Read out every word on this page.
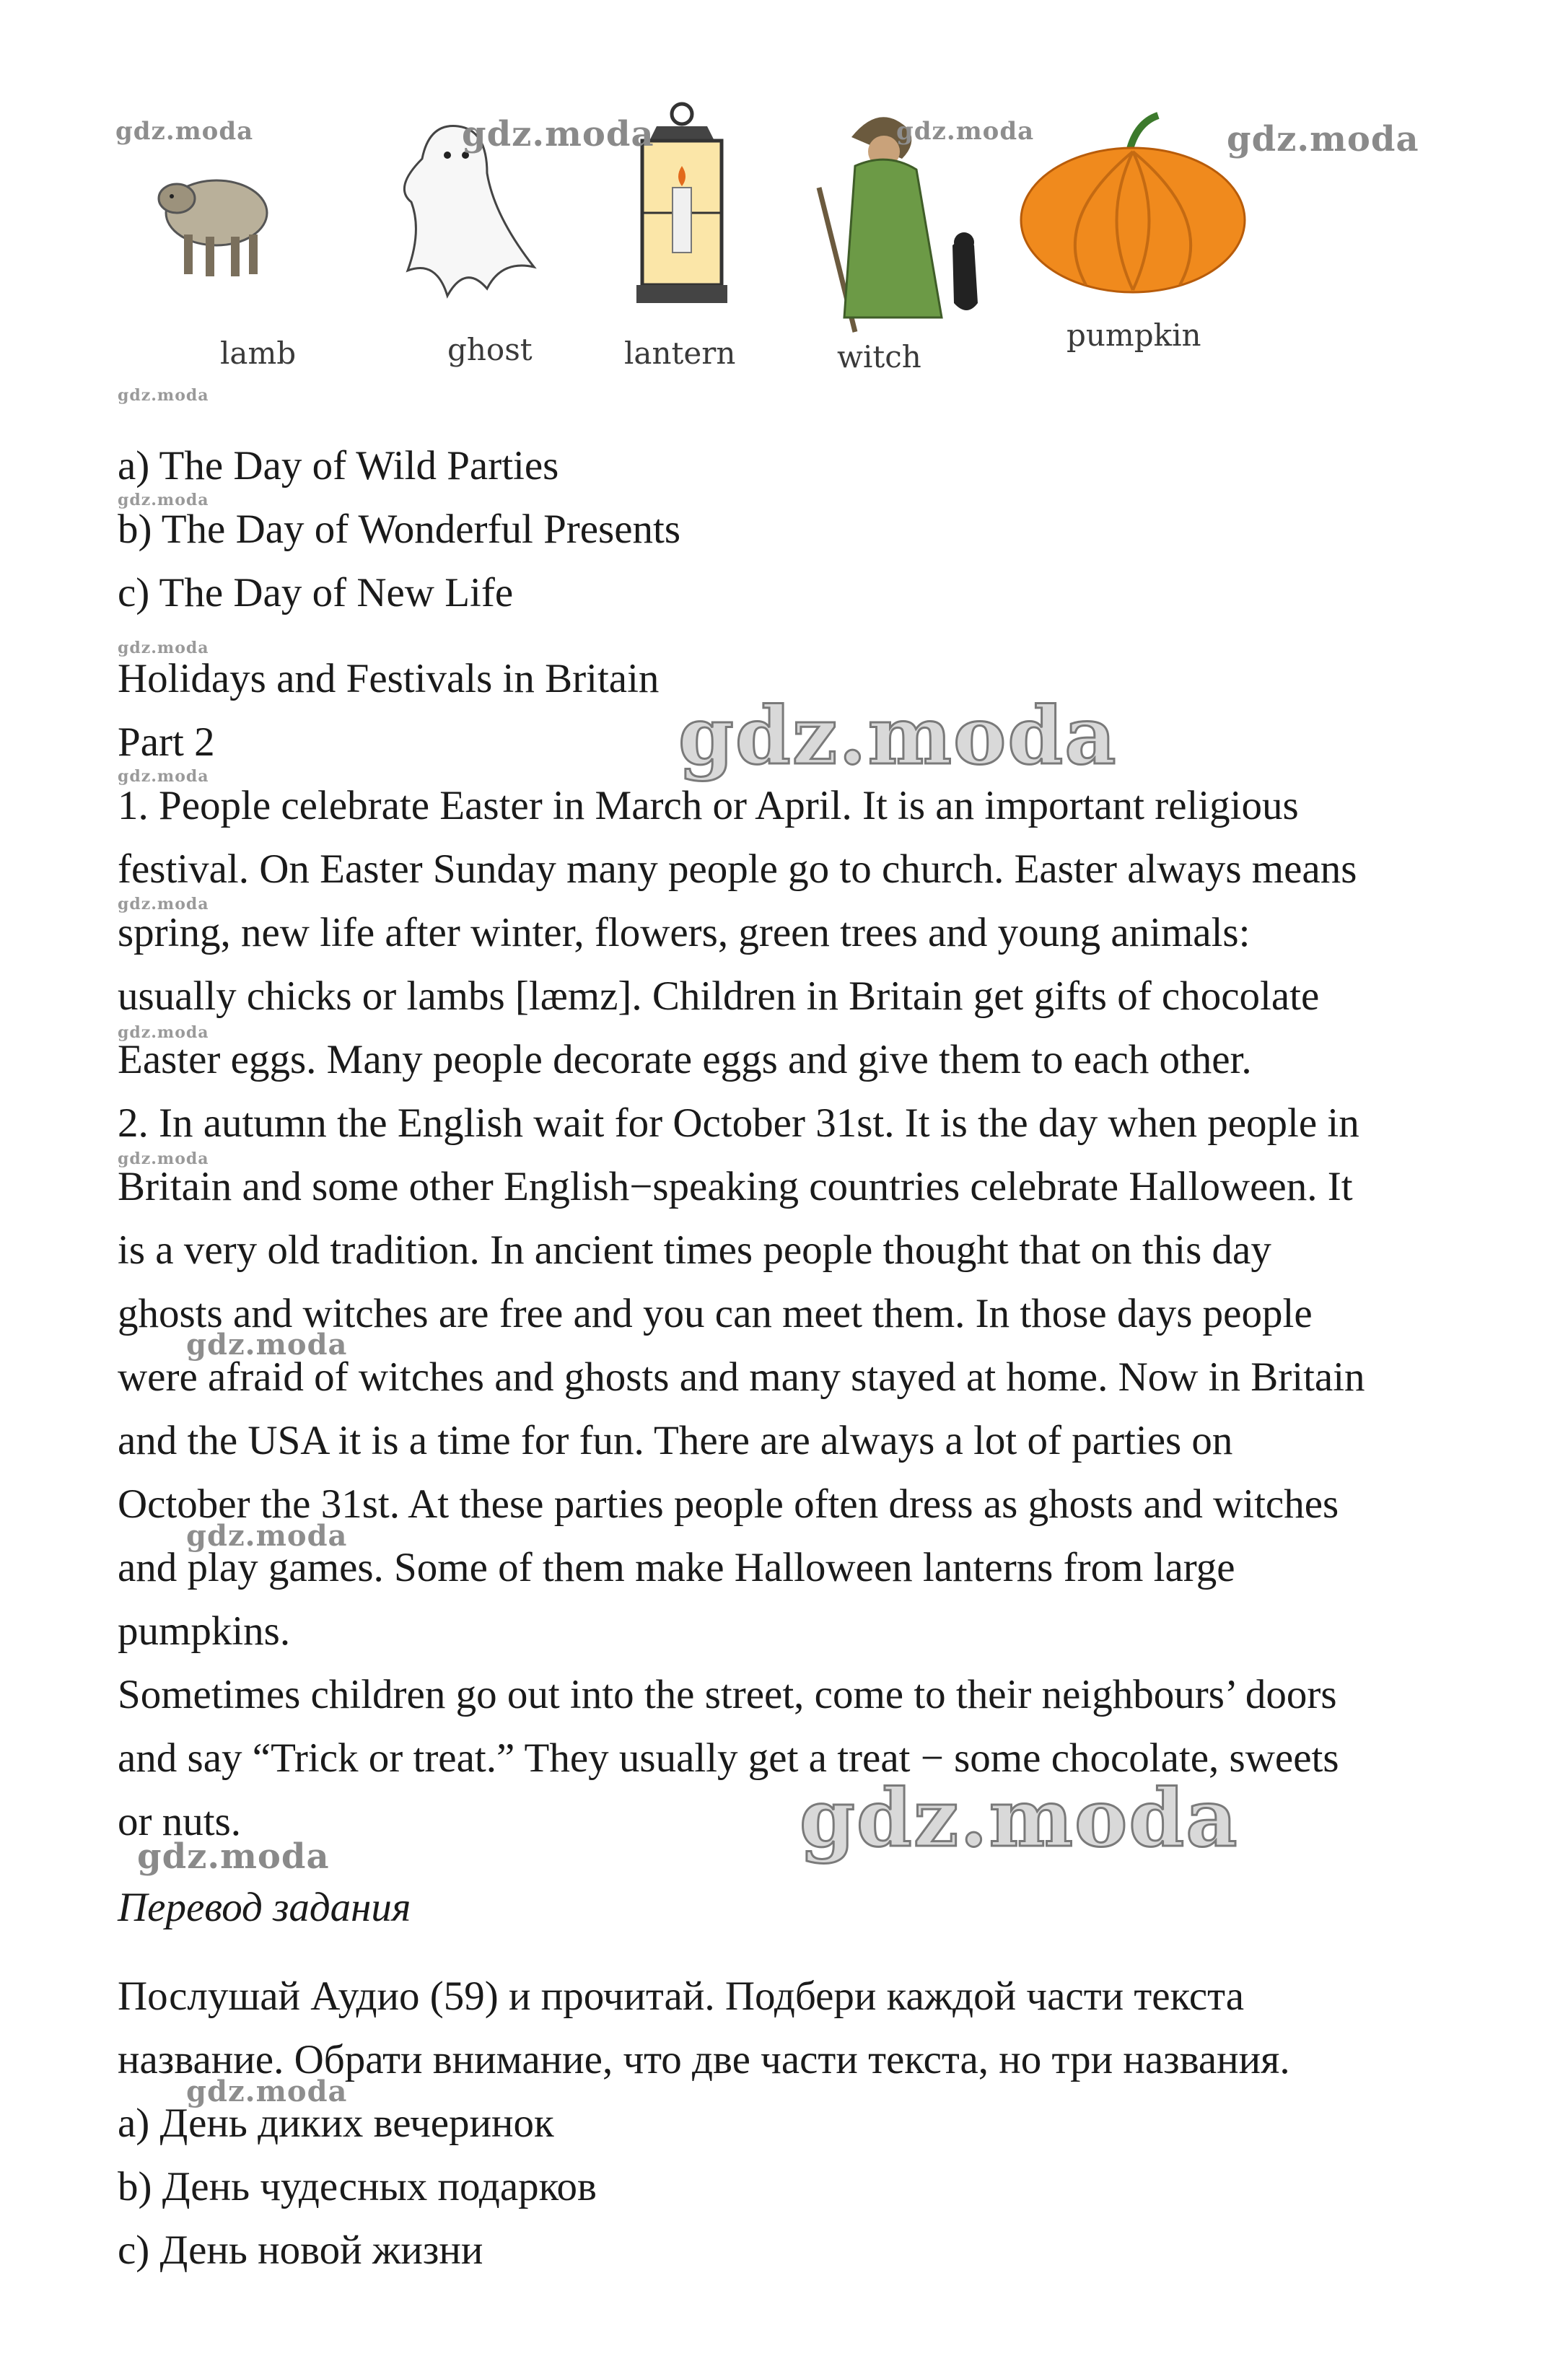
lamb	ghost	lantern	witch
pumpkin
gdz.moda	gdz.moda	gdz.moda	gdz.moda
gdz.moda
a) The Day of Wild Parties
gdz.moda
b) The Day of Wonderful Presents
c) The Day of New Life
gdz.moda
Holidays and Festivals in Britain
Part 2	gdz.moda
gdz.moda
1. People celebrate Easter in March or April. It is an important religious
festival. On Easter Sunday many people go to church. Easter always means
gdz.moda
spring, new life after winter, flowers, green trees and young animals:
usually chicks or lambs [læmz]. Children in Britain get gifts of chocolate
gdz.moda
Easter eggs. Many people decorate eggs and give them to each other.
2. In autumn the English wait for October 31st. It is the day when people in
gdz.moda
Britain and some other English−speaking countries celebrate Halloween. It
is a very old tradition. In ancient times people thought that on this day
ghosts and witches are free and you can meet them. In those days people
gdz.moda
were afraid of witches and ghosts and many stayed at home. Now in Britain
and the USA it is a time for fun. There are always a lot of parties on
October the 31st. At these parties people often dress as ghosts and witches
gdz.moda
and play games. Some of them make Halloween lanterns from large
pumpkins.
Sometimes children go out into the street, come to their neighbours’ doors
and say “Trick or treat.” They usually get a treat − some chocolate, sweets
or nuts.	gdz.moda
gdz.moda
Перевод задания
Послушай Аудио (59) и прочитай. Подбери каждой части текста
название. Обрати внимание, что две части текста, но три названия.
gdz.moda
a) День диких вечеринок
b) День чудесных подарков
c) День новой жизни
